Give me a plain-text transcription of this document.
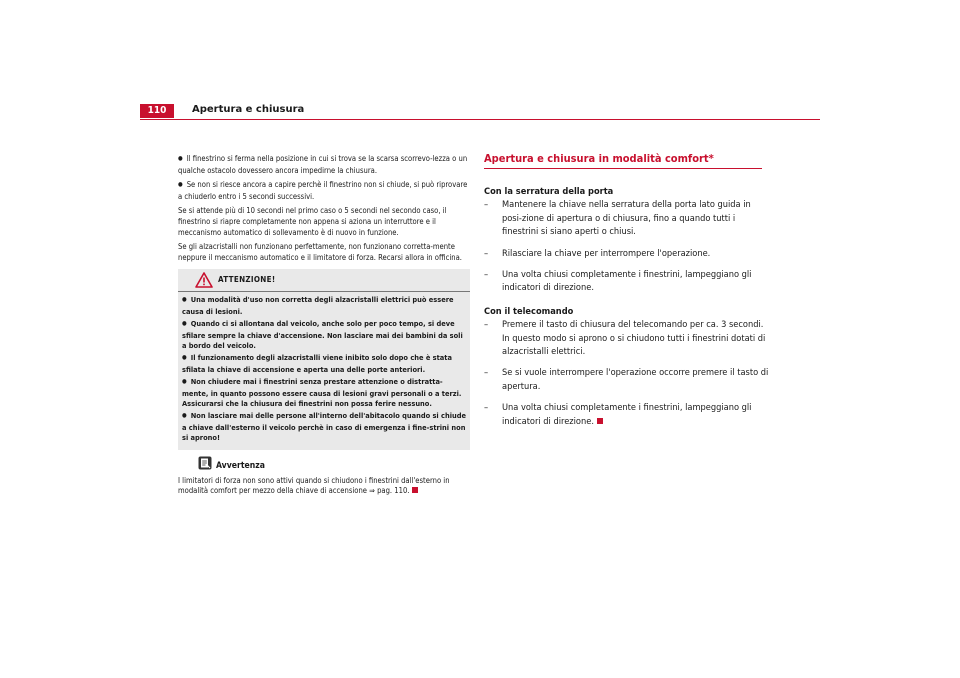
110	Apertura e chiusura

● Il finestrino si ferma nella posizione in cui si trova se la scarsa scorrevo-lezza o un qualche ostacolo dovessero ancora impedirne la chiusura.

● Se non si riesce ancora a capire perchè il finestrino non si chiude, si può riprovare a chiuderlo entro i 5 secondi successivi.

Se si attende più di 10 secondi nel primo caso o 5 secondi nel secondo caso, il finestrino si riapre completamente non appena si aziona un interruttore e il meccanismo automatico di sollevamento è di nuovo in funzione.

Se gli alzacristalli non funzionano perfettamente, non funzionano corretta-mente neppure il meccanismo automatico e il limitatore di forza. Recarsi allora in officina.

ATTENZIONE!

● Una modalità d'uso non corretta degli alzacristalli elettrici può essere causa di lesioni.

● Quando ci si allontana dal veicolo, anche solo per poco tempo, si deve sfilare sempre la chiave d'accensione. Non lasciare mai dei bambini da soli a bordo del veicolo.

● Il funzionamento degli alzacristalli viene inibito solo dopo che è stata sfilata la chiave di accensione e aperta una delle porte anteriori.

● Non chiudere mai i finestrini senza prestare attenzione o distratta-mente, in quanto possono essere causa di lesioni gravi personali o a terzi. Assicurarsi che la chiusura dei finestrini non possa ferire nessuno.

● Non lasciare mai delle persone all'interno dell'abitacolo quando si chiude a chiave dall'esterno il veicolo perchè in caso di emergenza i fine-strini non si aprono!

Avvertenza

I limitatori di forza non sono attivi quando si chiudono i finestrini dall'esterno in modalità comfort per mezzo della chiave di accensione ⇒ pag. 110.

Apertura e chiusura in modalità comfort*

Con la serratura della porta

–	Mantenere la chiave nella serratura della porta lato guida in posi-zione di apertura o di chiusura, fino a quando tutti i finestrini si siano aperti o chiusi.
–	Rilasciare la chiave per interrompere l'operazione.
–	Una volta chiusi completamente i finestrini, lampeggiano gli indicatori di direzione.

Con il telecomando

–	Premere il tasto di chiusura del telecomando per ca. 3 secondi. In questo modo si aprono o si chiudono tutti i finestrini dotati di alzacristalli elettrici.
–	Se si vuole interrompere l'operazione occorre premere il tasto di apertura.
–	Una volta chiusi completamente i finestrini, lampeggiano gli indicatori di direzione.
